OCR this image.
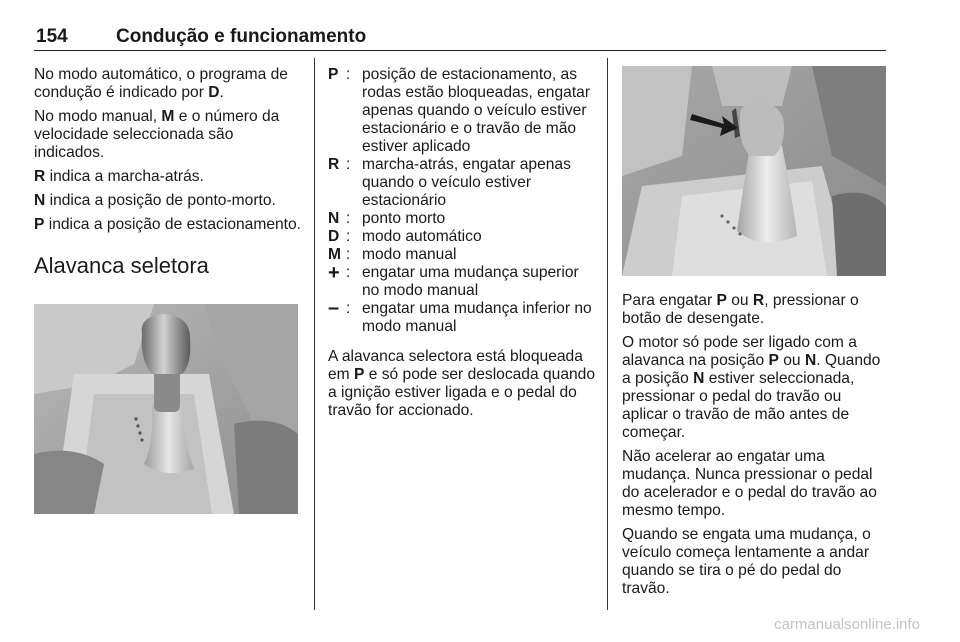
154	Condução e funcionamento

No modo automático, o programa de condução é indicado por D.

No modo manual, M e o número da velocidade seleccionada são indicados.

R indica a marcha-atrás.

N indica a posição de ponto-morto.

P indica a posição de estacionamento.

Alavanca seletora
P : posição de estacionamento, as rodas estão bloqueadas, engatar apenas quando o veículo estiver estacionário e o travão de mão estiver aplicado
R : marcha-atrás, engatar apenas quando o veículo estiver estacionário
N : ponto morto
D : modo automático
M : modo manual
+ : engatar uma mudança superior no modo manual
– : engatar uma mudança inferior no modo manual

A alavanca selectora está bloqueada em P e só pode ser deslocada quando a ignição estiver ligada e o pedal do travão for accionado.

Para engatar P ou R, pressionar o botão de desengate.

O motor só pode ser ligado com a alavanca na posição P ou N. Quando a posição N estiver seleccionada, pressionar o pedal do travão ou aplicar o travão de mão antes de começar.

Não acelerar ao engatar uma mudança. Nunca pressionar o pedal do acelerador e o pedal do travão ao mesmo tempo.

Quando se engata uma mudança, o veículo começa lentamente a andar quando se tira o pé do pedal do travão.

carmanualsonline.info
